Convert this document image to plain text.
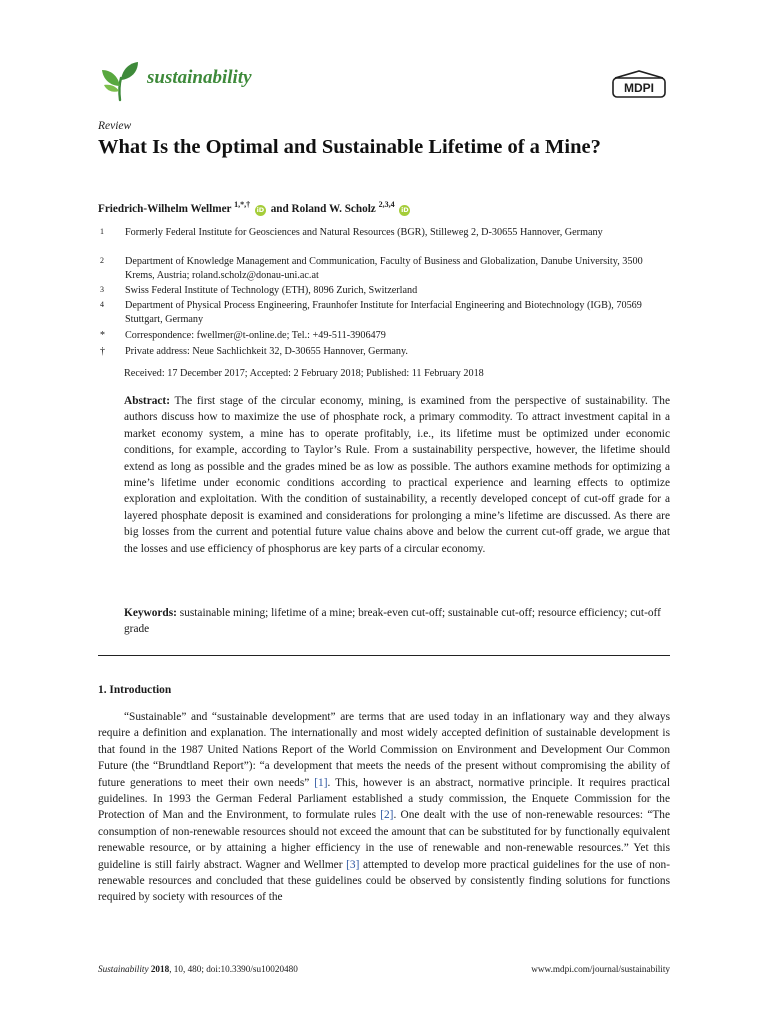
sustainability	MDPI
Review
What Is the Optimal and Sustainable Lifetime of a Mine?
Friedrich-Wilhelm Wellmer $^{1,*,\dagger}$ iD and Roland W. Scholz $^{2,3,4}$ iD
1	Formerly Federal Institute for Geosciences and Natural Resources (BGR), Stilleweg 2, D-30655 Hannover, Germany
2	Department of Knowledge Management and Communication, Faculty of Business and Globalization, Danube University, 3500 Krems, Austria; roland.scholz@donau-uni.ac.at
3	Swiss Federal Institute of Technology (ETH), 8096 Zurich, Switzerland
4	Department of Physical Process Engineering, Fraunhofer Institute for Interfacial Engineering and Biotechnology (IGB), 70569 Stuttgart, Germany
*	Correspondence: fwellmer@t-online.de; Tel.: +49-511-3906479
†	Private address: Neue Sachlichkeit 32, D-30655 Hannover, Germany.
Received: 17 December 2017; Accepted: 2 February 2018; Published: 11 February 2018
Abstract: The first stage of the circular economy, mining, is examined from the perspective of sustainability. The authors discuss how to maximize the use of phosphate rock, a primary commodity. To attract investment capital in a market economy system, a mine has to operate profitably, i.e., its lifetime must be optimized under economic conditions, for example, according to Taylor’s Rule. From a sustainability perspective, however, the lifetime should extend as long as possible and the grades mined be as low as possible. The authors examine methods for optimizing a mine’s lifetime under economic conditions according to practical experience and learning effects to optimize exploration and exploitation. With the condition of sustainability, a recently developed concept of cut-off grade for a layered phosphate deposit is examined and considerations for prolonging a mine’s lifetime are discussed. As there are big losses from the current and potential future value chains above and below the current cut-off grade, we argue that the losses and use efficiency of phosphorus are key parts of a circular economy.
Keywords: sustainable mining; lifetime of a mine; break-even cut-off; sustainable cut-off; resource efficiency; cut-off grade
1. Introduction
“Sustainable” and “sustainable development” are terms that are used today in an inflationary way and they always require a definition and explanation. The internationally and most widely accepted definition of sustainable development is that found in the 1987 United Nations Report of the World Commission on Environment and Development Our Common Future (the “Brundtland Report”): “a development that meets the needs of the present without compromising the ability of future generations to meet their own needs” [1]. This, however is an abstract, normative principle. It requires practical guidelines. In 1993 the German Federal Parliament established a study commission, the Enquete Commission for the Protection of Man and the Environment, to formulate rules [2]. One dealt with the use of non-renewable resources: “The consumption of non-renewable resources should not exceed the amount that can be substituted for by functionally equivalent renewable resource, or by attaining a higher efficiency in the use of renewable and non-renewable resources.” Yet this guideline is still fairly abstract. Wagner and Wellmer [3] attempted to develop more practical guidelines for the use of non-renewable resources and concluded that these guidelines could be observed by consistently finding solutions for functions required by society with resources of the
Sustainability 2018, 10, 480; doi:10.3390/su10020480	www.mdpi.com/journal/sustainability
